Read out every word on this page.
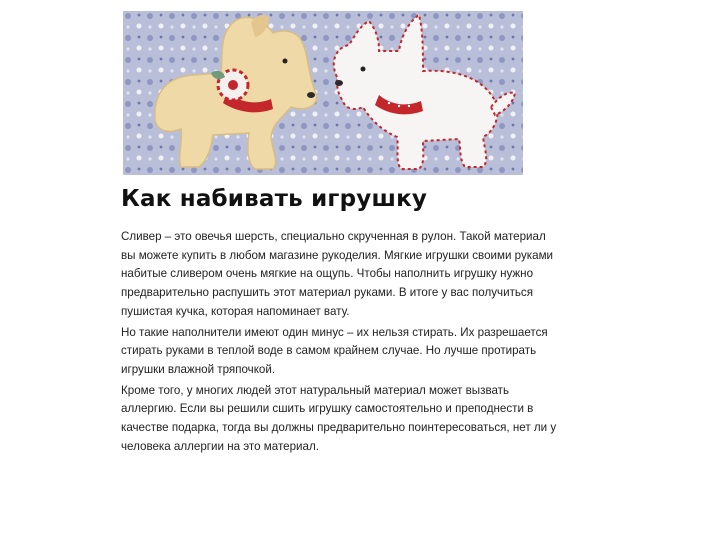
Как набивать игрушку

Сливер – это овечья шерсть, специально скрученная в рулон. Такой материал вы можете купить в любом магазине рукоделия. Мягкие игрушки своими руками набитые сливером очень мягкие на ощупь. Чтобы наполнить игрушку нужно предварительно распушить этот материал руками. В итоге у вас получиться пушистая кучка, которая напоминает вату.

Но такие наполнители имеют один минус – их нельзя стирать. Их разрешается стирать руками в теплой воде в самом крайнем случае. Но лучше протирать игрушки влажной тряпочкой.

Кроме того, у многих людей этот натуральный материал может вызвать аллергию. Если вы решили сшить игрушку самостоятельно и преподнести в качестве подарка, тогда вы должны предварительно поинтересоваться, нет ли у человека аллергии на это материал.
